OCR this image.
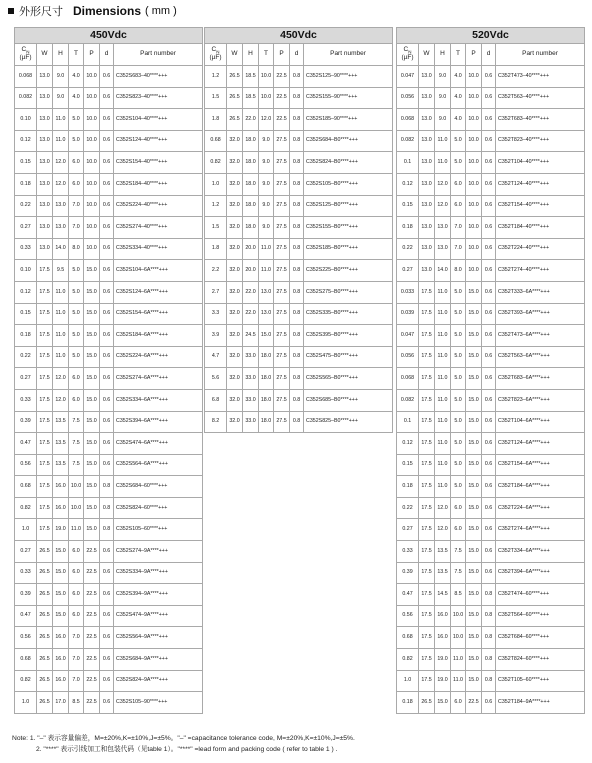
外形尺寸 Dimensions ( mm )
450Vdc						
$C_N$
(µF)	W	H	T	P	d	Part number
0.068	13.0	9.0	4.0	10.0	0.6	C352S683–40****+++
0.082	13.0	9.0	4.0	10.0	0.6	C352S823–40****+++
0.10	13.0	11.0	5.0	10.0	0.6	C352S104–40****+++
0.12	13.0	11.0	5.0	10.0	0.6	C352S124–40****+++
0.15	13.0	12.0	6.0	10.0	0.6	C352S154–40****+++
0.18	13.0	12.0	6.0	10.0	0.6	C352S184–40****+++
0.22	13.0	13.0	7.0	10.0	0.6	C352S224–40****+++
0.27	13.0	13.0	7.0	10.0	0.6	C352S274–40****+++
0.33	13.0	14.0	8.0	10.0	0.6	C352S334–40****+++
0.10	17.5	9.5	5.0	15.0	0.6	C352S104–6A****+++
0.12	17.5	11.0	5.0	15.0	0.6	C352S124–6A****+++
0.15	17.5	11.0	5.0	15.0	0.6	C352S154–6A****+++
0.18	17.5	11.0	5.0	15.0	0.6	C352S184–6A****+++
0.22	17.5	11.0	5.0	15.0	0.6	C352S224–6A****+++
0.27	17.5	12.0	6.0	15.0	0.6	C352S274–6A****+++
0.33	17.5	12.0	6.0	15.0	0.6	C352S334–6A****+++
0.39	17.5	13.5	7.5	15.0	0.6	C352S394–6A****+++
0.47	17.5	13.5	7.5	15.0	0.6	C352S474–6A****+++
0.56	17.5	13.5	7.5	15.0	0.6	C352S564–6A****+++
0.68	17.5	16.0	10.0	15.0	0.8	C352S684–60****+++
0.82	17.5	16.0	10.0	15.0	0.8	C352S824–60****+++
1.0	17.5	19.0	11.0	15.0	0.8	C352S105–60****+++
0.27	26.5	15.0	6.0	22.5	0.6	C352S274–9A****+++
0.33	26.5	15.0	6.0	22.5	0.6	C352S334–9A****+++
0.39	26.5	15.0	6.0	22.5	0.6	C352S394–9A****+++
0.47	26.5	15.0	6.0	22.5	0.6	C352S474–9A****+++
0.56	26.5	16.0	7.0	22.5	0.6	C352S564–9A****+++
0.68	26.5	16.0	7.0	22.5	0.6	C352S684–9A****+++
0.82	26.5	16.0	7.0	22.5	0.6	C352S824–9A****+++
1.0	26.5	17.0	8.5	22.5	0.6	C352S105–90****+++
450Vdc						
$C_N$
(µF)	W	H	T	P	d	Part number
1.2	26.5	18.5	10.0	22.5	0.8	C352S125–90****+++
1.5	26.5	18.5	10.0	22.5	0.8	C352S155–90****+++
1.8	26.5	22.0	12.0	22.5	0.8	C352S185–90****+++
0.68	32.0	18.0	9.0	27.5	0.8	C352S684–B0****+++
0.82	32.0	18.0	9.0	27.5	0.8	C352S824–B0****+++
1.0	32.0	18.0	9.0	27.5	0.8	C352S105–B0****+++
1.2	32.0	18.0	9.0	27.5	0.8	C352S125–B0****+++
1.5	32.0	18.0	9.0	27.5	0.8	C352S155–B0****+++
1.8	32.0	20.0	11.0	27.5	0.8	C352S185–B0****+++
2.2	32.0	20.0	11.0	27.5	0.8	C352S225–B0****+++
2.7	32.0	22.0	13.0	27.5	0.8	C352S275–B0****+++
3.3	32.0	22.0	13.0	27.5	0.8	C352S335–B0****+++
3.9	32.0	24.5	15.0	27.5	0.8	C352S395–B0****+++
4.7	32.0	33.0	18.0	27.5	0.8	C352S475–B0****+++
5.6	32.0	33.0	18.0	27.5	0.8	C352S565–B0****+++
6.8	32.0	33.0	18.0	27.5	0.8	C352S685–B0****+++
8.2	32.0	33.0	18.0	27.5	0.8	C352S825–B0****+++
520Vdc						
$C_N$
(µF)	W	H	T	P	d	Part number
0.047	13.0	9.0	4.0	10.0	0.6	C352T473–40****+++
0.056	13.0	9.0	4.0	10.0	0.6	C352T563–40****+++
0.068	13.0	9.0	4.0	10.0	0.6	C352T683–40****+++
0.082	13.0	11.0	5.0	10.0	0.6	C352T823–40****+++
0.1	13.0	11.0	5.0	10.0	0.6	C352T104–40****+++
0.12	13.0	12.0	6.0	10.0	0.6	C352T124–40****+++
0.15	13.0	12.0	6.0	10.0	0.6	C352T154–40****+++
0.18	13.0	13.0	7.0	10.0	0.6	C352T184–40****+++
0.22	13.0	13.0	7.0	10.0	0.6	C352T224–40****+++
0.27	13.0	14.0	8.0	10.0	0.6	C352T274–40****+++
0.033	17.5	11.0	5.0	15.0	0.6	C352T333–6A****+++
0.039	17.5	11.0	5.0	15.0	0.6	C352T393–6A****+++
0.047	17.5	11.0	5.0	15.0	0.6	C352T473–6A****+++
0.056	17.5	11.0	5.0	15.0	0.6	C352T563–6A****+++
0.068	17.5	11.0	5.0	15.0	0.6	C352T683–6A****+++
0.082	17.5	11.0	5.0	15.0	0.6	C352T823–6A****+++
0.1	17.5	11.0	5.0	15.0	0.6	C352T104–6A****+++
0.12	17.5	11.0	5.0	15.0	0.6	C352T124–6A****+++
0.15	17.5	11.0	5.0	15.0	0.6	C352T154–6A****+++
0.18	17.5	11.0	5.0	15.0	0.6	C352T184–6A****+++
0.22	17.5	12.0	6.0	15.0	0.6	C352T224–6A****+++
0.27	17.5	12.0	6.0	15.0	0.6	C352T274–6A****+++
0.33	17.5	13.5	7.5	15.0	0.6	C352T334–6A****+++
0.39	17.5	13.5	7.5	15.0	0.6	C352T394–6A****+++
0.47	17.5	14.5	8.5	15.0	0.8	C352T474–60****+++
0.56	17.5	16.0	10.0	15.0	0.8	C352T564–60****+++
0.68	17.5	16.0	10.0	15.0	0.8	C352T684–60****+++
0.82	17.5	19.0	11.0	15.0	0.8	C352T824–60****+++
1.0	17.5	19.0	11.0	15.0	0.8	C352T105–60****+++
0.18	26.5	15.0	6.0	22.5	0.6	C352T184–9A****+++
Note: 1. "–" 表示容量偏差，M=±20%,K=±10%,J=±5%。"–" =capacitance tolerance code, M=±20%,K=±10%,J=±5%.
2. "****" 表示引线加工和包装代码（见table 1）。"****" =lead form and packing code ( refer to table 1 ) .
